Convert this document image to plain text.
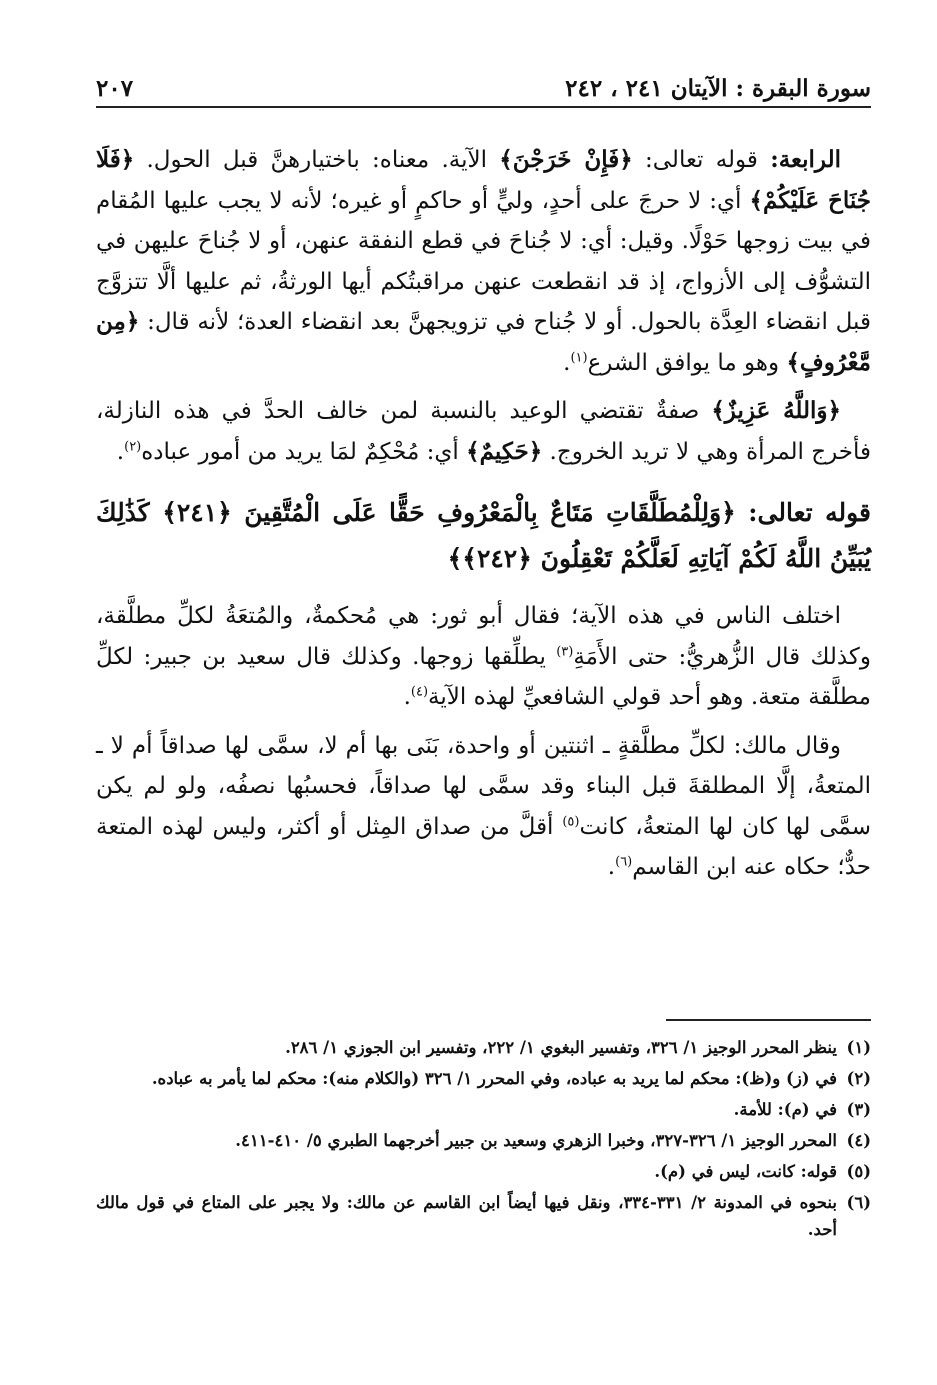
سورة البقرة : الآيتان ٢٤١ ، ٢٤٢
٢٠٧

الرابعة: قوله تعالى: ﴿فَإِنْ خَرَجْنَ﴾ الآية. معناه: باختيارهنَّ قبل الحول. ﴿فَلَا جُنَاحَ عَلَيْكُمْ﴾ أي: لا حرجَ على أحدٍ، وليٍّ أو حاكمٍ أو غيره؛ لأنه لا يجب عليها المُقام في بيت زوجها حَوْلًا. وقيل: أي: لا جُناحَ في قطع النفقة عنهن، أو لا جُناحَ عليهن في التشوُّف إلى الأزواج، إذ قد انقطعت عنهن مراقبتُكم أيها الورثةُ، ثم عليها ألَّا تتزوَّج قبل انقضاء العِدَّة بالحول. أو لا جُناح في تزويجهنَّ بعد انقضاء العدة؛ لأنه قال: ﴿مِن مَّعْرُوفٍ﴾ وهو ما يوافق الشرع$^{(١)}$.

﴿وَاللَّهُ عَزِيزٌ﴾ صفةٌ تقتضي الوعيد بالنسبة لمن خالف الحدَّ في هذه النازلة، فأخرج المرأة وهي لا تريد الخروج. ﴿حَكِيمٌ﴾ أي: مُحْكِمٌ لمَا يريد من أمور عباده$^{(٢)}$.

قوله تعالى: ﴿وَلِلْمُطَلَّقَاتِ مَتَاعٌ بِالْمَعْرُوفِ حَقًّا عَلَى الْمُتَّقِينَ ﴿٢٤١﴾ كَذَٰلِكَ يُبَيِّنُ اللَّهُ لَكُمْ آيَاتِهِ لَعَلَّكُمْ تَعْقِلُونَ ﴿٢٤٢﴾﴾

اختلف الناس في هذه الآية؛ فقال أبو ثور: هي مُحكمةٌ، والمُتعَةُ لكلِّ مطلَّقة، وكذلك قال الزُّهريُّ: حتى الأَمَةِ$^{(٣)}$ يطلِّقها زوجها. وكذلك قال سعيد بن جبير: لكلِّ مطلَّقة متعة. وهو أحد قولي الشافعيِّ لهذه الآية$^{(٤)}$.

وقال مالك: لكلِّ مطلَّقةٍ ـ اثنتين أو واحدة، بَنَى بها أم لا، سمَّى لها صداقاً أم لا ـ المتعةُ، إلَّا المطلقةَ قبل البناء وقد سمَّى لها صداقاً، فحسبُها نصفُه، ولو لم يكن سمَّى لها كان لها المتعةُ، كانت$^{(٥)}$ أقلَّ من صداق المِثل أو أكثر، وليس لهذه المتعة حدٌّ؛ حكاه عنه ابن القاسم$^{(٦)}$.

(١)
ينظر المحرر الوجيز ١/ ٣٢٦، وتفسير البغوي ١/ ٢٢٢، وتفسير ابن الجوزي ١/ ٢٨٦.
(٢)
في (ز) و(ظ): محكم لما يريد به عباده، وفي المحرر ١/ ٣٢٦ (والكلام منه): محكم لما يأمر به عباده.
(٣)
في (م): للأمة.
(٤)
المحرر الوجيز ١/ ٣٢٦-٣٢٧، وخبرا الزهري وسعيد بن جبير أخرجهما الطبري ٥/ ٤١٠-٤١١.
(٥)
قوله: كانت، ليس في (م).
(٦)
بنحوه في المدونة ٢/ ٣٣١-٣٣٤، ونقل فيها أيضاً ابن القاسم عن مالك: ولا يجبر على المتاع في قول مالك أحد.
